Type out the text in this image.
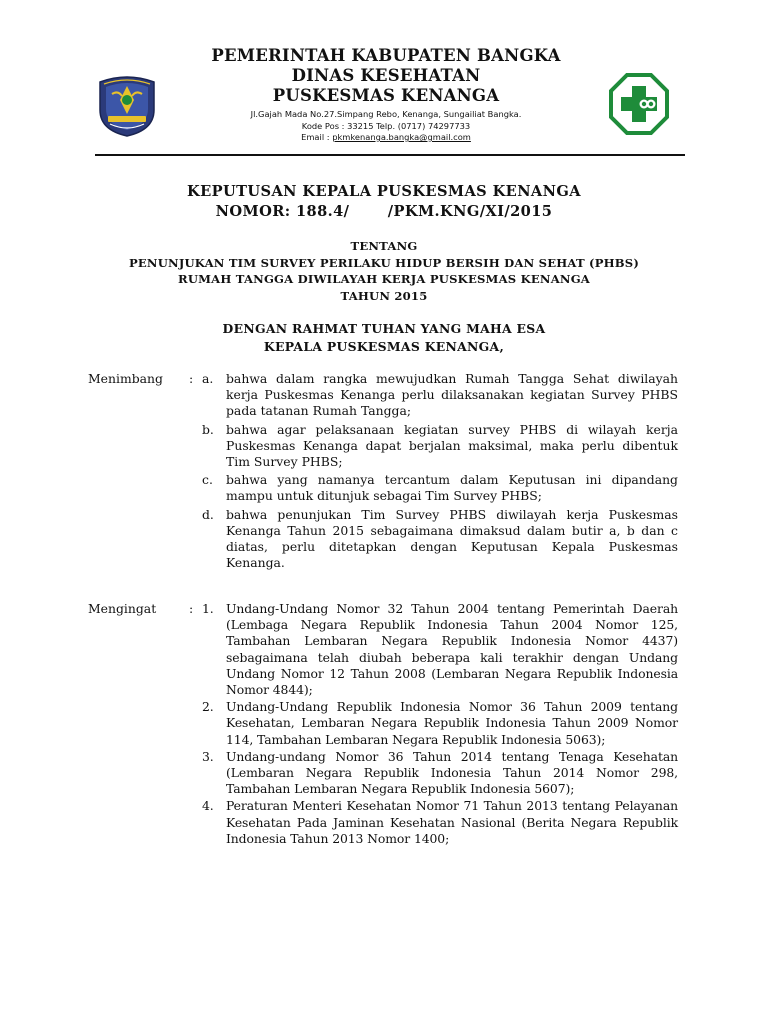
PEMERINTAH KABUPATEN BANGKA
DINAS KESEHATAN
PUSKESMAS KENANGA
Jl.Gajah Mada No.27.Simpang Rebo, Kenanga, Sungailiat Bangka.
Kode Pos : 33215 Telp. (0717) 74297733
Email : pkmkenanga.bangka@gmail.com
KEPUTUSAN KEPALA PUSKESMAS KENANGA
NOMOR: 188.4/       /PKM.KNG/XI/2015
TENTANG
PENUNJUKAN TIM SURVEY PERILAKU HIDUP BERSIH DAN SEHAT (PHBS)
RUMAH TANGGA DIWILAYAH KERJA PUSKESMAS KENANGA
TAHUN 2015
DENGAN RAHMAT TUHAN YANG MAHA ESA
KEPALA PUSKESMAS KENANGA,
Menimbang	: a.	bahwa dalam rangka mewujudkan Rumah Tangga Sehat diwilayah kerja Puskesmas Kenanga perlu dilaksanakan kegiatan Survey PHBS pada tatanan Rumah Tangga;
b. bahwa agar pelaksanaan kegiatan survey PHBS di wilayah kerja Puskesmas Kenanga dapat berjalan maksimal, maka perlu dibentuk Tim Survey PHBS;
c.	bahwa yang namanya tercantum dalam Keputusan ini dipandang mampu untuk ditunjuk sebagai Tim Survey PHBS;
d. bahwa penunjukan Tim Survey PHBS diwilayah kerja Puskesmas Kenanga Tahun 2015 sebagaimana dimaksud dalam butir a, b dan c diatas, perlu ditetapkan dengan Keputusan Kepala Puskesmas Kenanga.
Mengingat	: 1. Undang-Undang Nomor 32 Tahun 2004 tentang Pemerintah Daerah (Lembaga Negara Republik Indonesia Tahun 2004 Nomor 125, Tambahan Lembaran Negara Republik Indonesia Nomor 4437) sebagaimana telah diubah beberapa kali terakhir dengan Undang Undang Nomor 12 Tahun 2008 (Lembaran Negara Republik Indonesia Nomor 4844);
2. Undang-Undang Republik Indonesia Nomor 36 Tahun 2009 tentang Kesehatan, Lembaran Negara Republik Indonesia Tahun 2009 Nomor 114, Tambahan Lembaran Negara Republik Indonesia 5063);
3. Undang-undang Nomor 36 Tahun 2014 tentang Tenaga Kesehatan (Lembaran Negara Republik Indonesia Tahun 2014 Nomor 298, Tambahan Lembaran Negara Republik Indonesia 5607);
4. Peraturan Menteri Kesehatan Nomor 71 Tahun 2013 tentang Pelayanan Kesehatan Pada Jaminan Kesehatan Nasional (Berita Negara Republik Indonesia Tahun 2013 Nomor 1400;
